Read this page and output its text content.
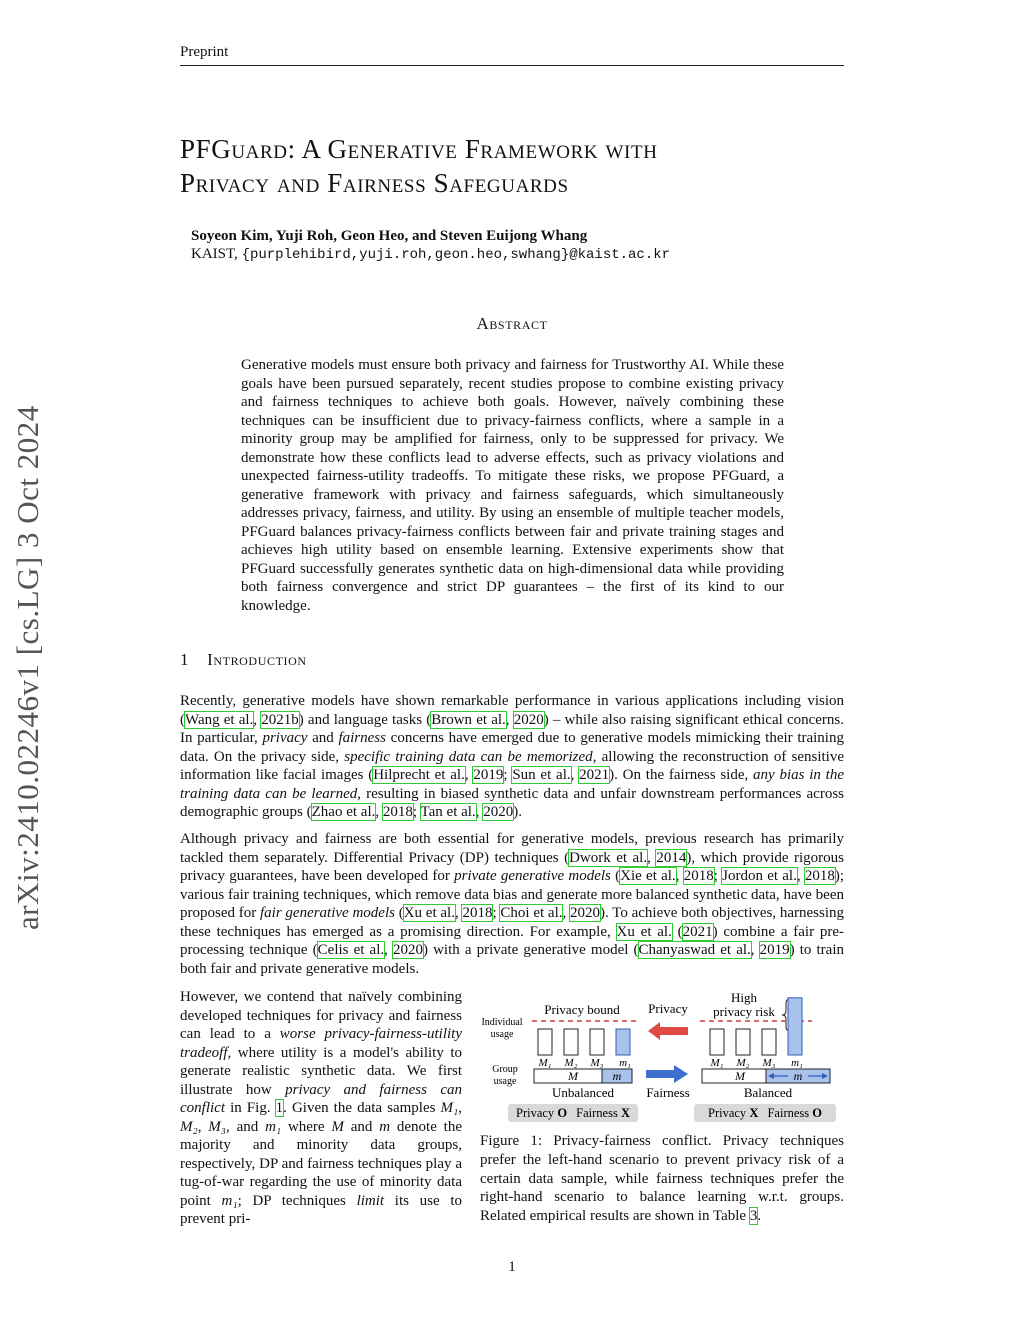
Preprint
arXiv:2410.02246v1 [cs.LG] 3 Oct 2024
PFGuard: A Generative Framework with
Privacy and Fairness Safeguards
Soyeon Kim, Yuji Roh, Geon Heo, and Steven Euijong Whang
KAIST, {purplehibird,yuji.roh,geon.heo,swhang}@kaist.ac.kr
Abstract

Generative models must ensure both privacy and fairness for Trustworthy AI. While these goals have been pursued separately, recent studies propose to combine existing privacy and fairness techniques to achieve both goals. However, naïvely combining these techniques can be insufficient due to privacy-fairness conflicts, where a sample in a minority group may be amplified for fairness, only to be suppressed for privacy. We demonstrate how these conflicts lead to adverse effects, such as privacy violations and unexpected fairness-utility tradeoffs. To mitigate these risks, we propose PFGuard, a generative framework with privacy and fairness safeguards, which simultaneously addresses privacy, fairness, and utility. By using an ensemble of multiple teacher models, PFGuard balances privacy-fairness conflicts between fair and private training stages and achieves high utility based on ensemble learning. Extensive experiments show that PFGuard successfully generates synthetic data on high-dimensional data while providing both fairness convergence and strict DP guarantees – the first of its kind to our knowledge.

1 Introduction

Recently, generative models have shown remarkable performance in various applications including vision (Wang et al., 2021b) and language tasks (Brown et al., 2020) – while also raising significant ethical concerns. In particular, privacy and fairness concerns have emerged due to generative models mimicking their training data. On the privacy side, specific training data can be memorized, allowing the reconstruction of sensitive information like facial images (Hilprecht et al., 2019; Sun et al., 2021). On the fairness side, any bias in the training data can be learned, resulting in biased synthetic data and unfair downstream performances across demographic groups (Zhao et al., 2018; Tan et al., 2020).

Although privacy and fairness are both essential for generative models, previous research has primarily tackled them separately. Differential Privacy (DP) techniques (Dwork et al., 2014), which provide rigorous privacy guarantees, have been developed for private generative models (Xie et al., 2018; Jordon et al., 2018); various fair training techniques, which remove data bias and generate more balanced synthetic data, have been proposed for fair generative models (Xu et al., 2018; Choi et al., 2020). To achieve both objectives, harnessing these techniques has emerged as a promising direction. For example, Xu et al. (2021) combine a fair pre-processing technique (Celis et al., 2020) with a private generative model (Chanyaswad et al., 2019) to train both fair and private generative models.

However, we contend that naïvely combining developed techniques for privacy and fairness can lead to a worse privacy-fairness-utility tradeoff, where utility is a model's ability to generate realistic synthetic data. We first illustrate how privacy and fairness can conflict in Fig. 1. Given the data samples M₁, M₂, M₃, and m₁ where M and m denote the majority and minority data groups, respectively, DP and fairness techniques play a tug-of-war regarding the use of minority data point m₁; DP techniques limit its use to prevent pri-

Individual
usage
Group
usage
Privacy bound
M₁ M₂ M₃ m₁
M	m
Unbalanced
Privacy O Fairness X
Privacy
Fairness
High
privacy risk
M₁ M₂ M₃ m₁
M	m
Balanced
Privacy X Fairness O

Figure 1: Privacy-fairness conflict. Privacy techniques prefer the left-hand scenario to prevent privacy risk of a certain data sample, while fairness techniques prefer the right-hand scenario to balance learning w.r.t. groups. Related empirical results are shown in Table 3.

1
